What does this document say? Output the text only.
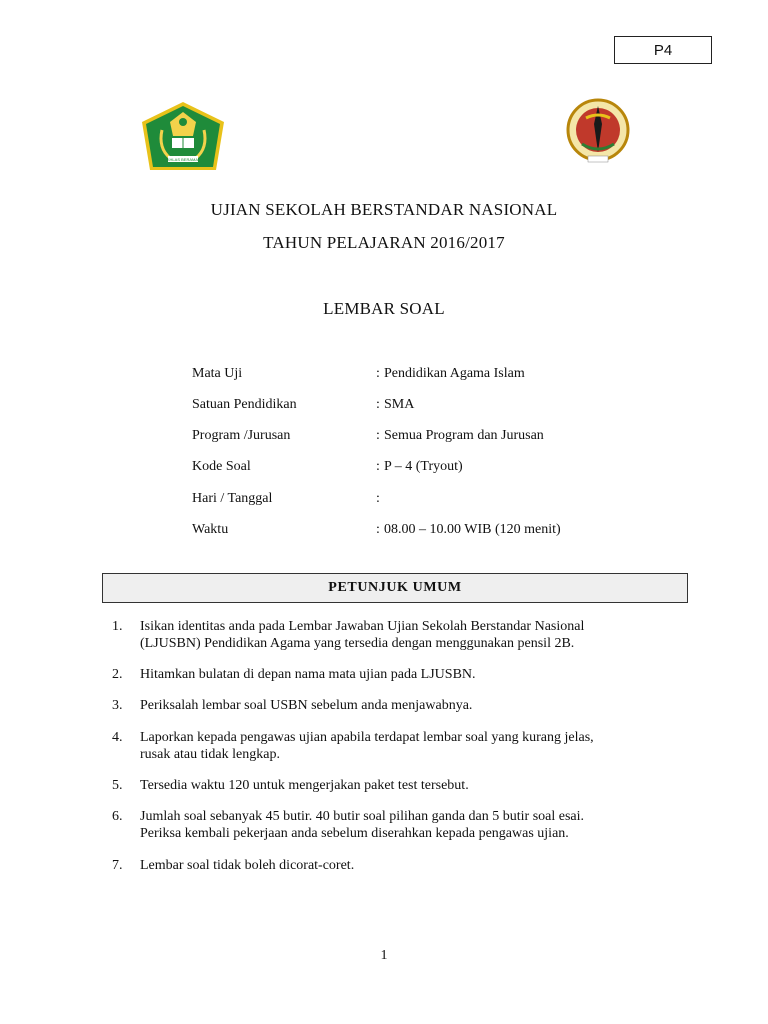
P4
IKHLAS BERAMAL
UJIAN SEKOLAH BERSTANDAR NASIONAL
TAHUN PELAJARAN 2016/2017
LEMBAR SOAL
Mata Uji	: Pendidikan Agama Islam
Satuan Pendidikan	: SMA
Program /Jurusan	: Semua Program dan Jurusan
Kode Soal	: P – 4 (Tryout)
Hari / Tanggal	:
Waktu	: 08.00 – 10.00 WIB (120 menit)
PETUNJUK UMUM
1.	Isikan identitas anda pada Lembar Jawaban Ujian Sekolah Berstandar Nasional
(LJUSBN) Pendidikan Agama yang tersedia dengan menggunakan pensil 2B.
2.	Hitamkan bulatan di depan nama mata ujian pada LJUSBN.
3.	Periksalah lembar soal USBN sebelum anda menjawabnya.
4.	Laporkan kepada pengawas ujian apabila terdapat lembar soal yang kurang jelas,
rusak atau tidak lengkap.
5.	Tersedia waktu 120 untuk mengerjakan paket test tersebut.
6.	Jumlah soal sebanyak 45 butir. 40 butir soal pilihan ganda dan 5 butir soal esai.
Periksa kembali pekerjaan anda sebelum diserahkan kepada pengawas ujian.
7.	Lembar soal tidak boleh dicorat-coret.
1
